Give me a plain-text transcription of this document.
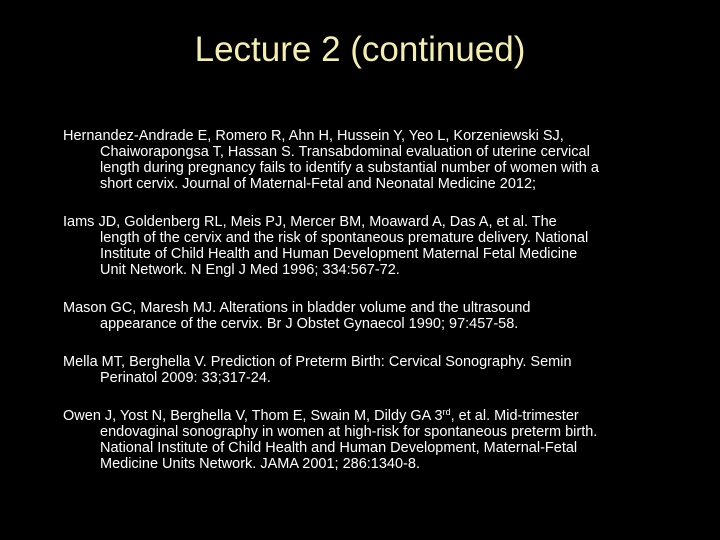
Lecture 2 (continued)

Hernandez-Andrade E, Romero R, Ahn H, Hussein Y, Yeo L, Korzeniewski SJ,
Chaiworapongsa T, Hassan S. Transabdominal evaluation of uterine cervical
length during pregnancy fails to identify a substantial number of women with a
short cervix. Journal of Maternal-Fetal and Neonatal Medicine 2012;

Iams JD, Goldenberg RL, Meis PJ, Mercer BM, Moaward A, Das A, et al. The
length of the cervix and the risk of spontaneous premature delivery. National
Institute of Child Health and Human Development Maternal Fetal Medicine
Unit Network. N Engl J Med 1996; 334:567-72.

Mason GC, Maresh MJ. Alterations in bladder volume and the ultrasound
appearance of the cervix. Br J Obstet Gynaecol 1990; 97:457-58.

Mella MT, Berghella V. Prediction of Preterm Birth: Cervical Sonography. Semin
Perinatol 2009: 33;317-24.

Owen J, Yost N, Berghella V, Thom E, Swain M, Dildy GA 3rd, et al. Mid-trimester
endovaginal sonography in women at high-risk for spontaneous preterm birth.
National Institute of Child Health and Human Development, Maternal-Fetal
Medicine Units Network. JAMA 2001; 286:1340-8.
